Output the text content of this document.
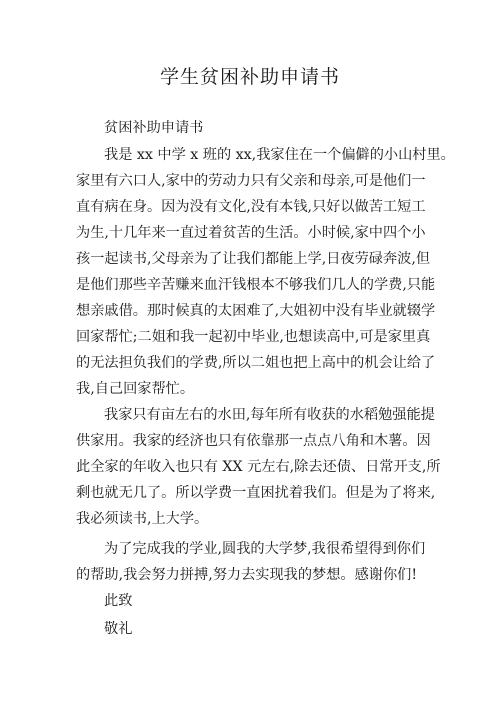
学生贫困补助申请书
贫困补助申请书
我是 xx 中学 x 班的 xx,我家住在一个偏僻的小山村里。
家里有六口人,家中的劳动力只有父亲和母亲,可是他们一
直有病在身。因为没有文化,没有本钱,只好以做苦工短工
为生,十几年来一直过着贫苦的生活。小时候,家中四个小
孩一起读书,父母亲为了让我们都能上学,日夜劳碌奔波,但
是他们那些辛苦赚来血汗钱根本不够我们几人的学费,只能
想亲戚借。那时候真的太困难了,大姐初中没有毕业就辍学
回家帮忙;二姐和我一起初中毕业,也想读高中,可是家里真
的无法担负我们的学费,所以二姐也把上高中的机会让给了
我,自己回家帮忙。
我家只有亩左右的水田,每年所有收获的水稻勉强能提
供家用。我家的经济也只有依靠那一点点八角和木薯。因
此全家的年收入也只有 XX 元左右,除去还债、日常开支,所
剩也就无几了。所以学费一直困扰着我们。但是为了将来,
我必须读书,上大学。
为了完成我的学业,圆我的大学梦,我很希望得到你们
的帮助,我会努力拼搏,努力去实现我的梦想。感谢你们!
此致
敬礼
